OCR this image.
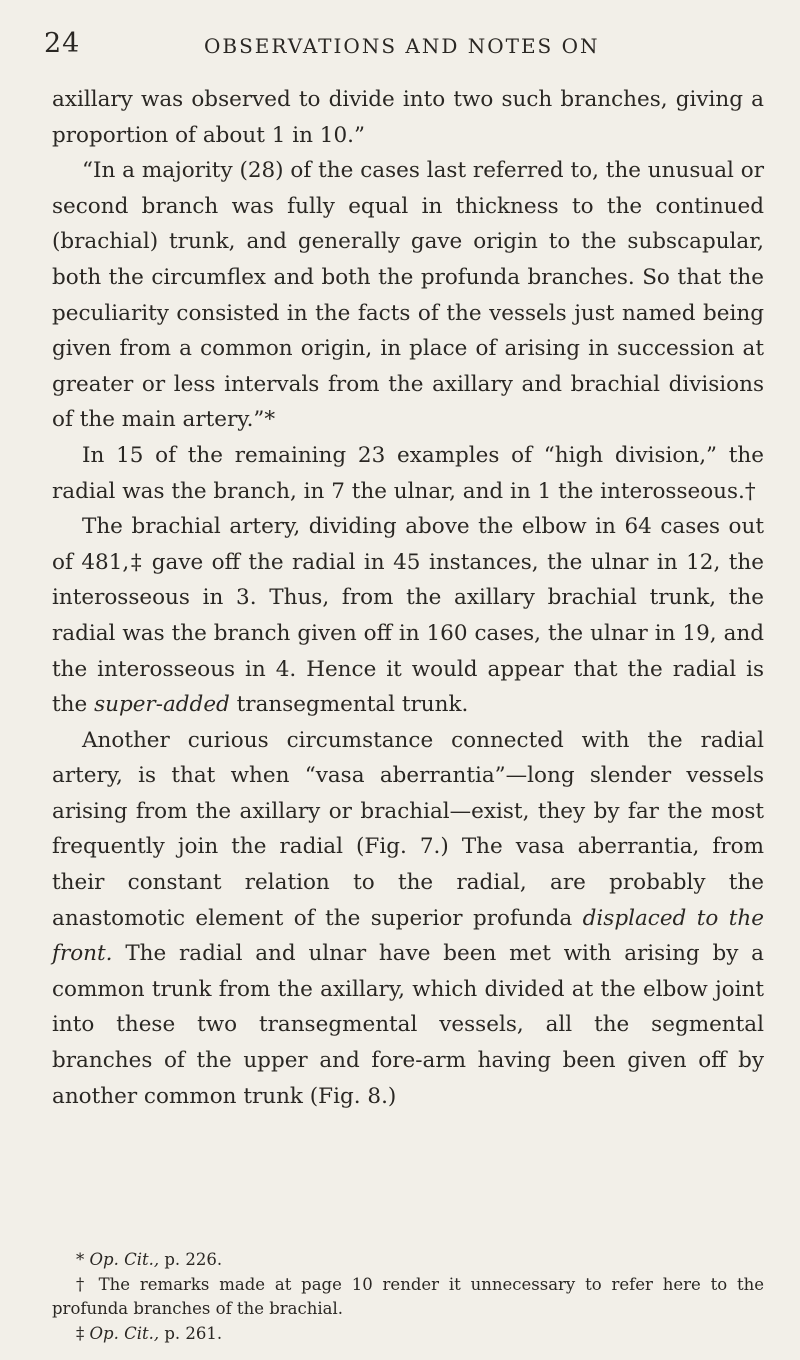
24	OBSERVATIONS AND NOTES ON

axillary was observed to divide into two such branches, giving a proportion of about 1 in 10.”

“In a majority (28) of the cases last referred to, the unusual or second branch was fully equal in thickness to the continued (brachial) trunk, and generally gave origin to the subscapular, both the circumflex and both the profunda branches. So that the peculiarity consisted in the facts of the vessels just named being given from a common origin, in place of arising in succession at greater or less intervals from the axillary and brachial divisions of the main artery.”*

In 15 of the remaining 23 examples of “high division,” the radial was the branch, in 7 the ulnar, and in 1 the interosseous.†

The brachial artery, dividing above the elbow in 64 cases out of 481,‡ gave off the radial in 45 instances, the ulnar in 12, the interosseous in 3. Thus, from the axillary brachial trunk, the radial was the branch given off in 160 cases, the ulnar in 19, and the interosseous in 4. Hence it would appear that the radial is the super-added transegmental trunk.

Another curious circumstance connected with the radial artery, is that when “vasa aberrantia”—long slender vessels arising from the axillary or brachial—exist, they by far the most frequently join the radial (Fig. 7.) The vasa aberrantia, from their constant relation to the radial, are probably the anastomotic element of the superior profunda displaced to the front. The radial and ulnar have been met with arising by a common trunk from the axillary, which divided at the elbow joint into these two transegmental vessels, all the segmental branches of the upper and fore-arm having been given off by another common trunk (Fig. 8.)

* Op. Cit., p. 226.

† The remarks made at page 10 render it unnecessary to refer here to the profunda branches of the brachial.

‡ Op. Cit., p. 261.
